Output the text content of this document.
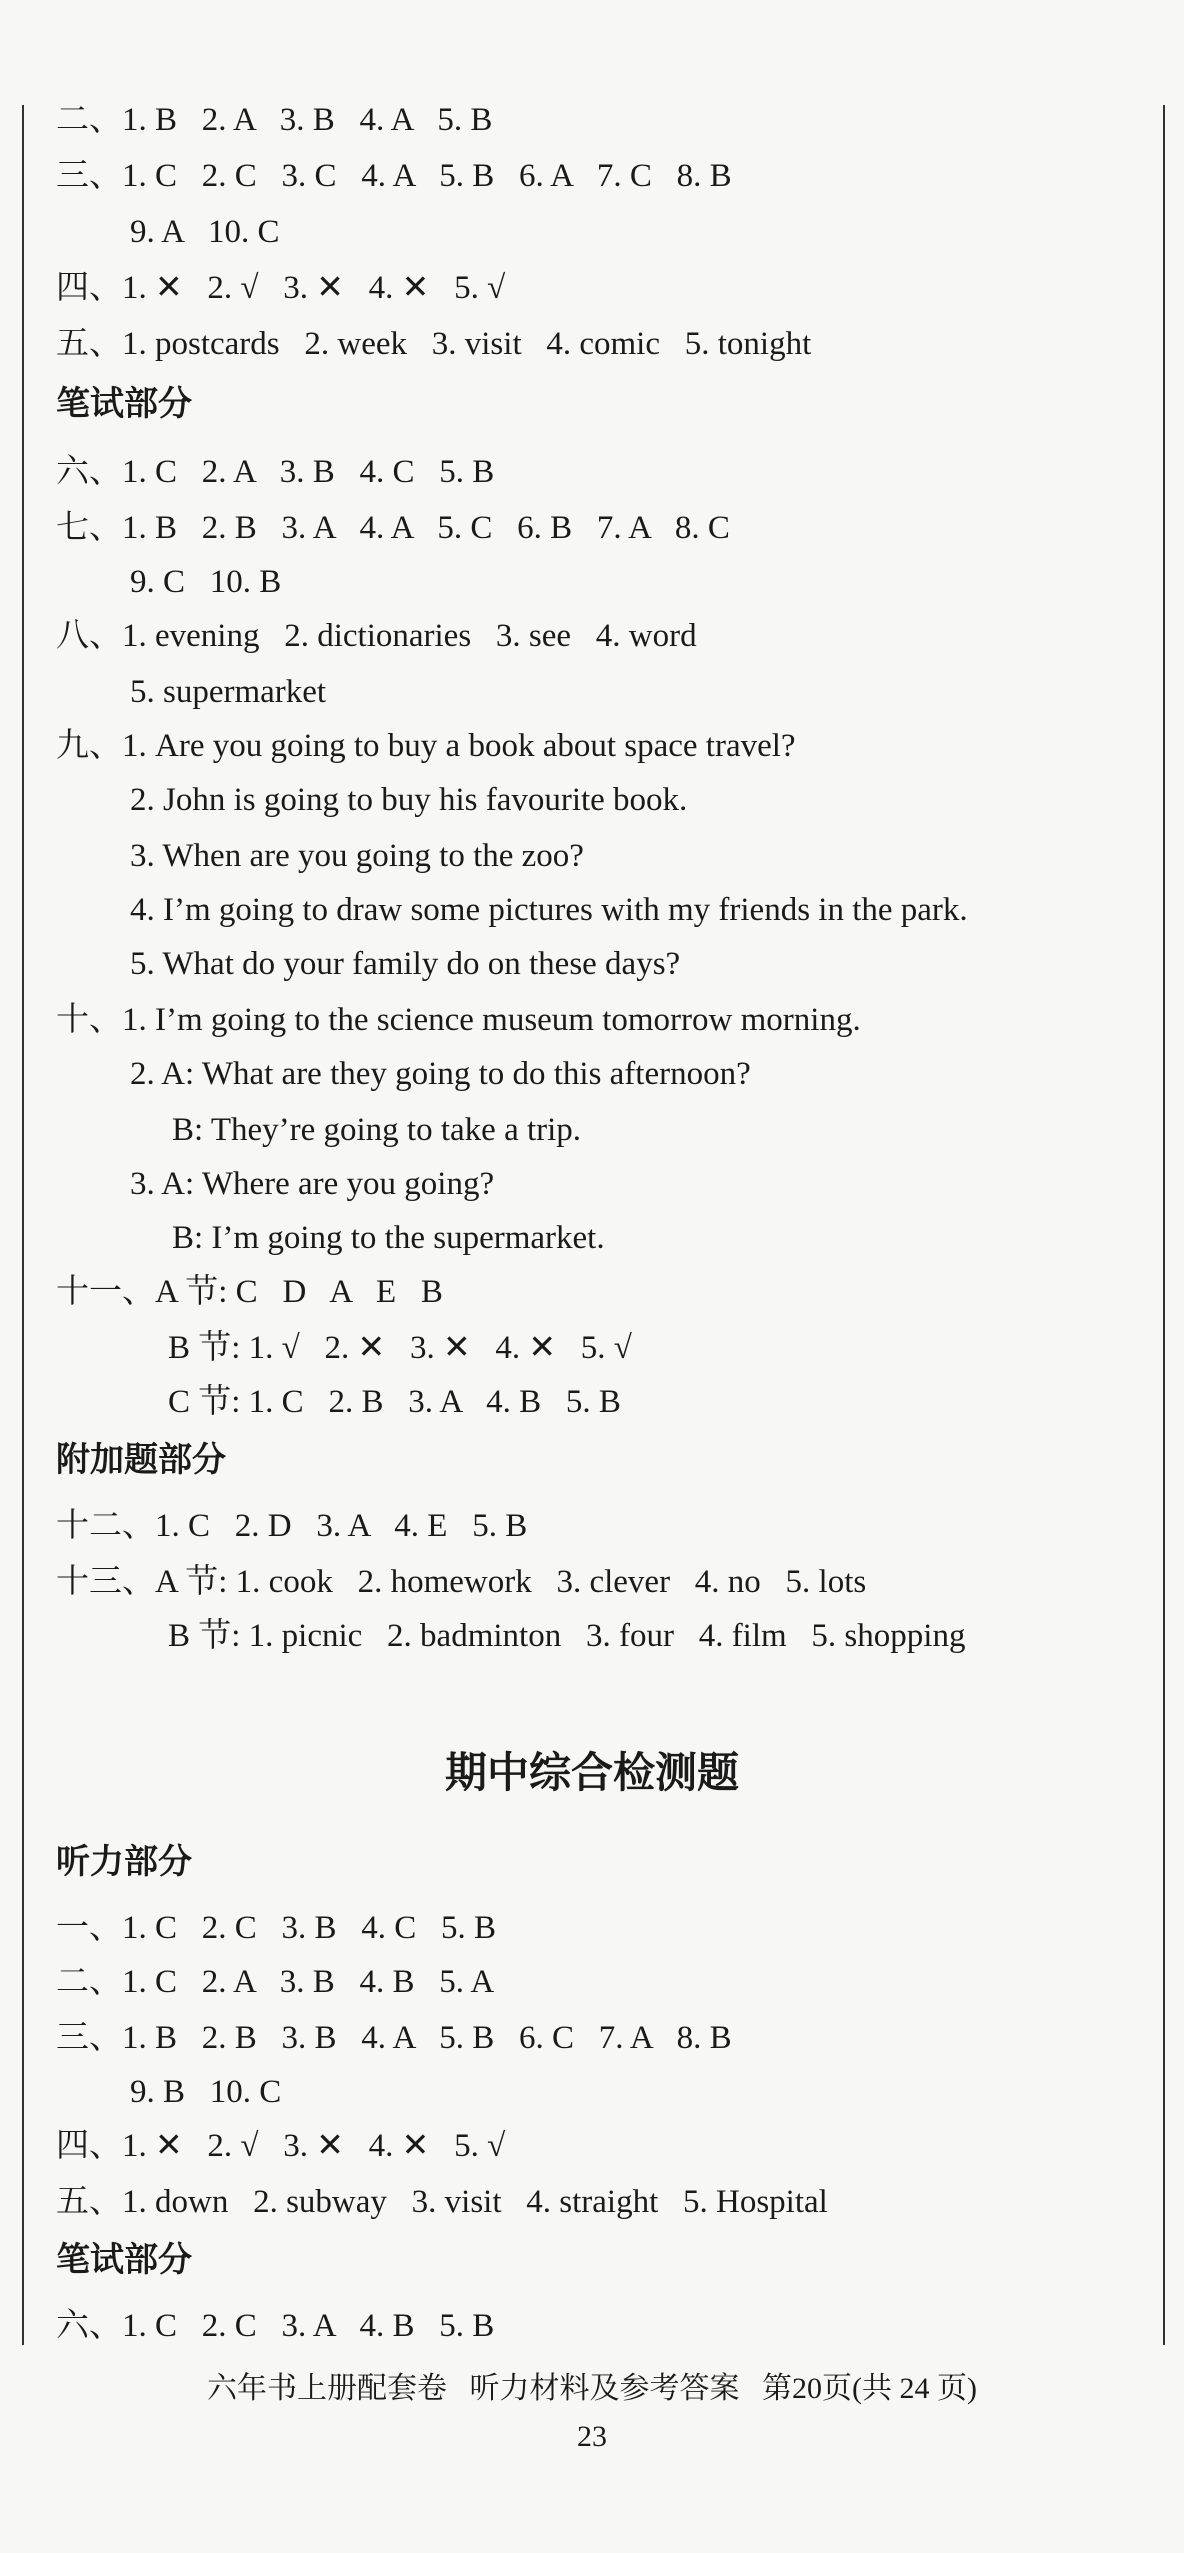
二、1. B   2. A   3. B   4. A   5. B
三、1. C   2. C   3. C   4. A   5. B   6. A   7. C   8. B
9. A   10. C
四、1. ✕   2. √   3. ✕   4. ✕   5. √
五、1. postcards   2. week   3. visit   4. comic   5. tonight
笔试部分
六、1. C   2. A   3. B   4. C   5. B
七、1. B   2. B   3. A   4. A   5. C   6. B   7. A   8. C
9. C   10. B
八、1. evening   2. dictionaries   3. see   4. word
5. supermarket
九、1. Are you going to buy a book about space travel?
2. John is going to buy his favourite book.
3. When are you going to the zoo?
4. I’m going to draw some pictures with my friends in the park.
5. What do your family do on these days?
十、1. I’m going to the science museum tomorrow morning.
2. A: What are they going to do this afternoon?
B: They’re going to take a trip.
3. A: Where are you going?
B: I’m going to the supermarket.
十一、A 节: C   D   A   E   B
B 节: 1. √   2. ✕   3. ✕   4. ✕   5. √
C 节: 1. C   2. B   3. A   4. B   5. B
附加题部分
十二、1. C   2. D   3. A   4. E   5. B
十三、A 节: 1. cook   2. homework   3. clever   4. no   5. lots
B 节: 1. picnic   2. badminton   3. four   4. film   5. shopping
期中综合检测题
听力部分
一、1. C   2. C   3. B   4. C   5. B
二、1. C   2. A   3. B   4. B   5. A
三、1. B   2. B   3. B   4. A   5. B   6. C   7. A   8. B
9. B   10. C
四、1. ✕   2. √   3. ✕   4. ✕   5. √
五、1. down   2. subway   3. visit   4. straight   5. Hospital
笔试部分
六、1. C   2. C   3. A   4. B   5. B
六年书上册配套卷   听力材料及参考答案   第20页(共 24 页)
23
